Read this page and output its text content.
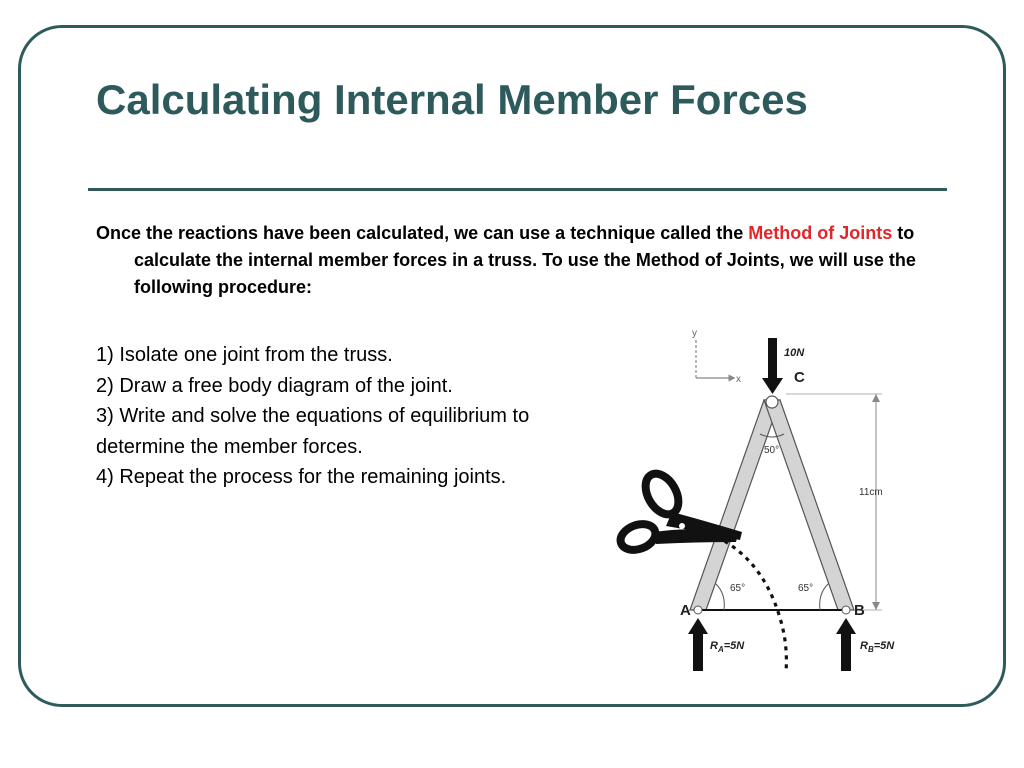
Calculating Internal Member Forces

Once the reactions have been calculated, we can use a technique called the Method of Joints to calculate the internal member forces in a truss. To use the Method of Joints, we will use the following procedure:

1) Isolate one joint from the truss.
2) Draw a free body diagram of the joint.
3) Write and solve the equations of equilibrium to determine the member forces.
4) Repeat the process for the remaining joints.
y
x
10N
C
50°
65°	65°
11cm
A	B
$R_A=5N$	$R_B=5N$
